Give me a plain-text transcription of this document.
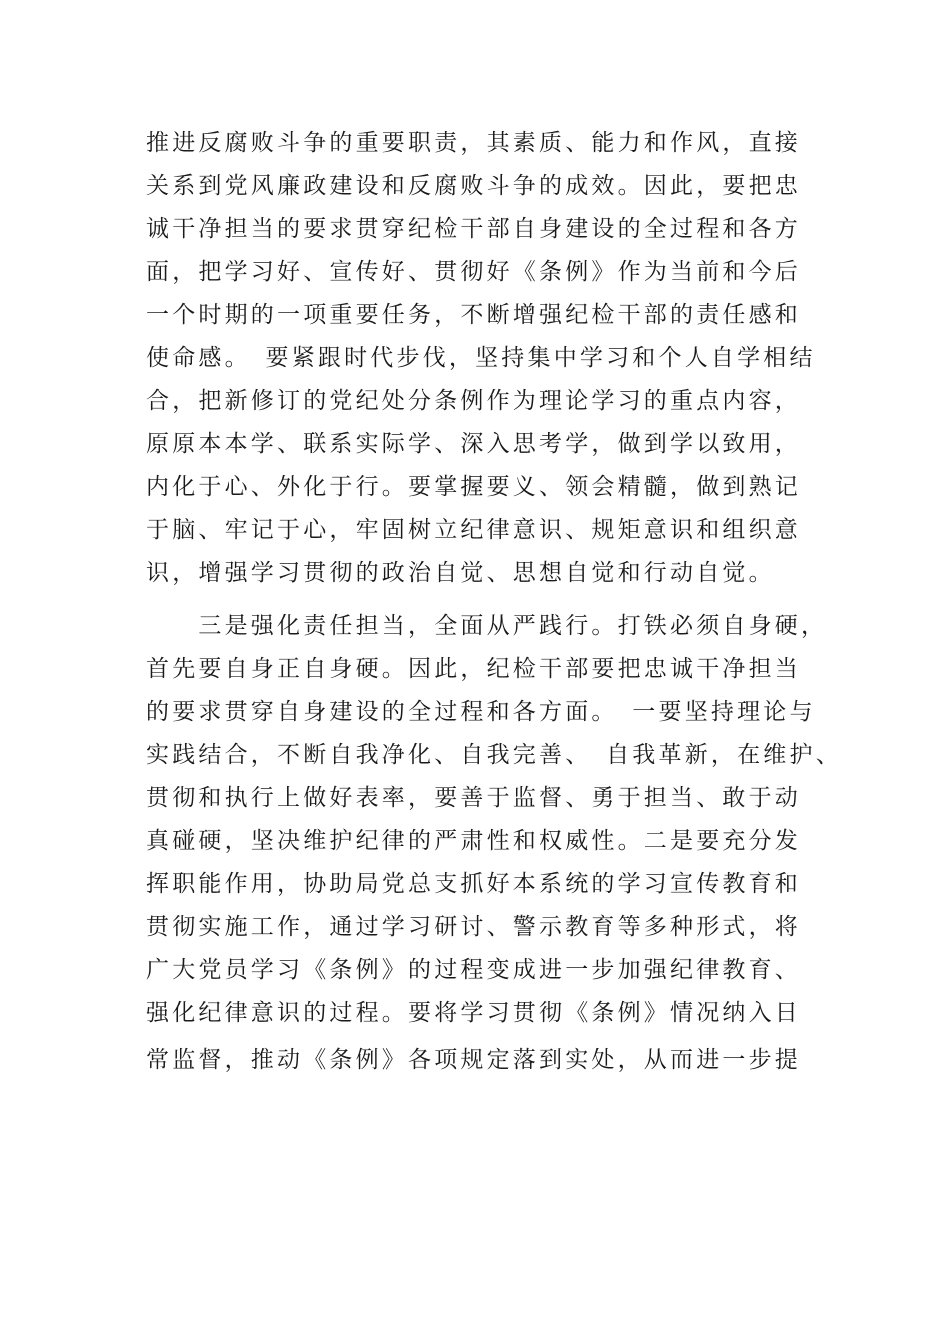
推进反腐败斗争的重要职责，其素质、能力和作风，直接
关系到党风廉政建设和反腐败斗争的成效。因此，要把忠
诚干净担当的要求贯穿纪检干部自身建设的全过程和各方
面，把学习好、宣传好、贯彻好《条例》作为当前和今后
一个时期的一项重要任务，不断增强纪检干部的责任感和
使命感。　要紧跟时代步伐，坚持集中学习和个人自学相结
合，把新修订的党纪处分条例作为理论学习的重点内容，
原原本本学、联系实际学、深入思考学，做到学以致用，
内化于心、外化于行。要掌握要义、领会精髓，做到熟记
于脑、牢记于心，牢固树立纪律意识、规矩意识和组织意
识，增强学习贯彻的政治自觉、思想自觉和行动自觉。
　　三是强化责任担当，全面从严践行。打铁必须自身硬，
首先要自身正自身硬。因此，纪检干部要把忠诚干净担当
的要求贯穿自身建设的全过程和各方面。　一要坚持理论与
实践结合，不断自我净化、自我完善、　自我革新，在维护、
贯彻和执行上做好表率，要善于监督、勇于担当、敢于动
真碰硬，坚决维护纪律的严肃性和权威性。二是要充分发
挥职能作用，协助局党总支抓好本系统的学习宣传教育和
贯彻实施工作，通过学习研讨、警示教育等多种形式，将
广大党员学习《条例》的过程变成进一步加强纪律教育、
强化纪律意识的过程。要将学习贯彻《条例》情况纳入日
常监督，推动《条例》各项规定落到实处，从而进一步提
